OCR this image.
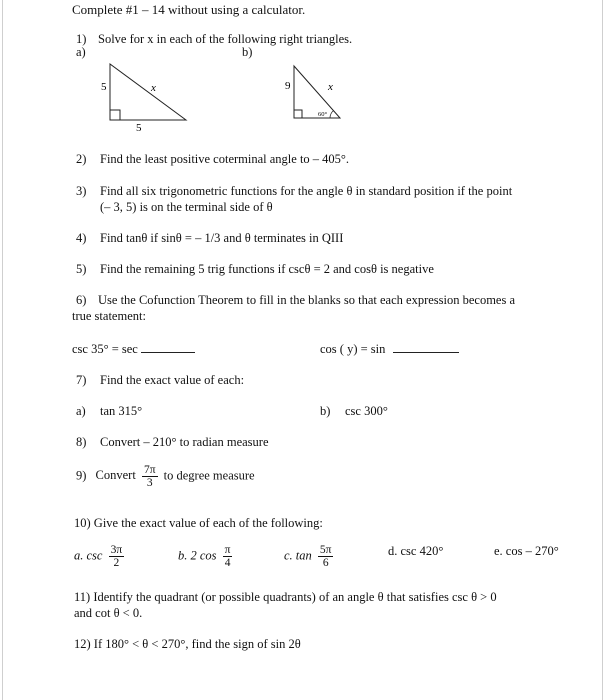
Complete #1 – 14 without using a calculator.
1) Solve for x in each of the following right triangles.
a)	b)
5	x
5
9	x
60°
2) Find the least positive coterminal angle to – 405°.
3) Find all six trigonometric functions for the angle θ in standard position if the point
(– 3, 5) is on the terminal side of θ
4) Find tanθ if sinθ = – 1/3 and θ terminates in QIII
5) Find the remaining 5 trig functions if cscθ = 2 and cosθ is negative
6) Use the Cofunction Theorem to fill in the blanks so that each expression becomes a
true statement:
csc 35° = sec	cos ( y) = sin
7) Find the exact value of each:
a) tan 315°	b) csc 300°
8) Convert – 210° to radian measure
9) Convert $\frac{7\pi}{3}$ to degree measure
10) Give the exact value of each of the following:
a. $\csc \frac{3\pi}{2}$	b. 2 $\cos \frac{\pi}{4}$	c. $\tan \frac{5\pi}{6}$	d. csc 420°	e. cos – 270°
11) Identify the quadrant (or possible quadrants) of an angle θ that satisfies csc θ > 0
and cot θ < 0.
12) If 180° < θ < 270°, find the sign of sin 2θ
